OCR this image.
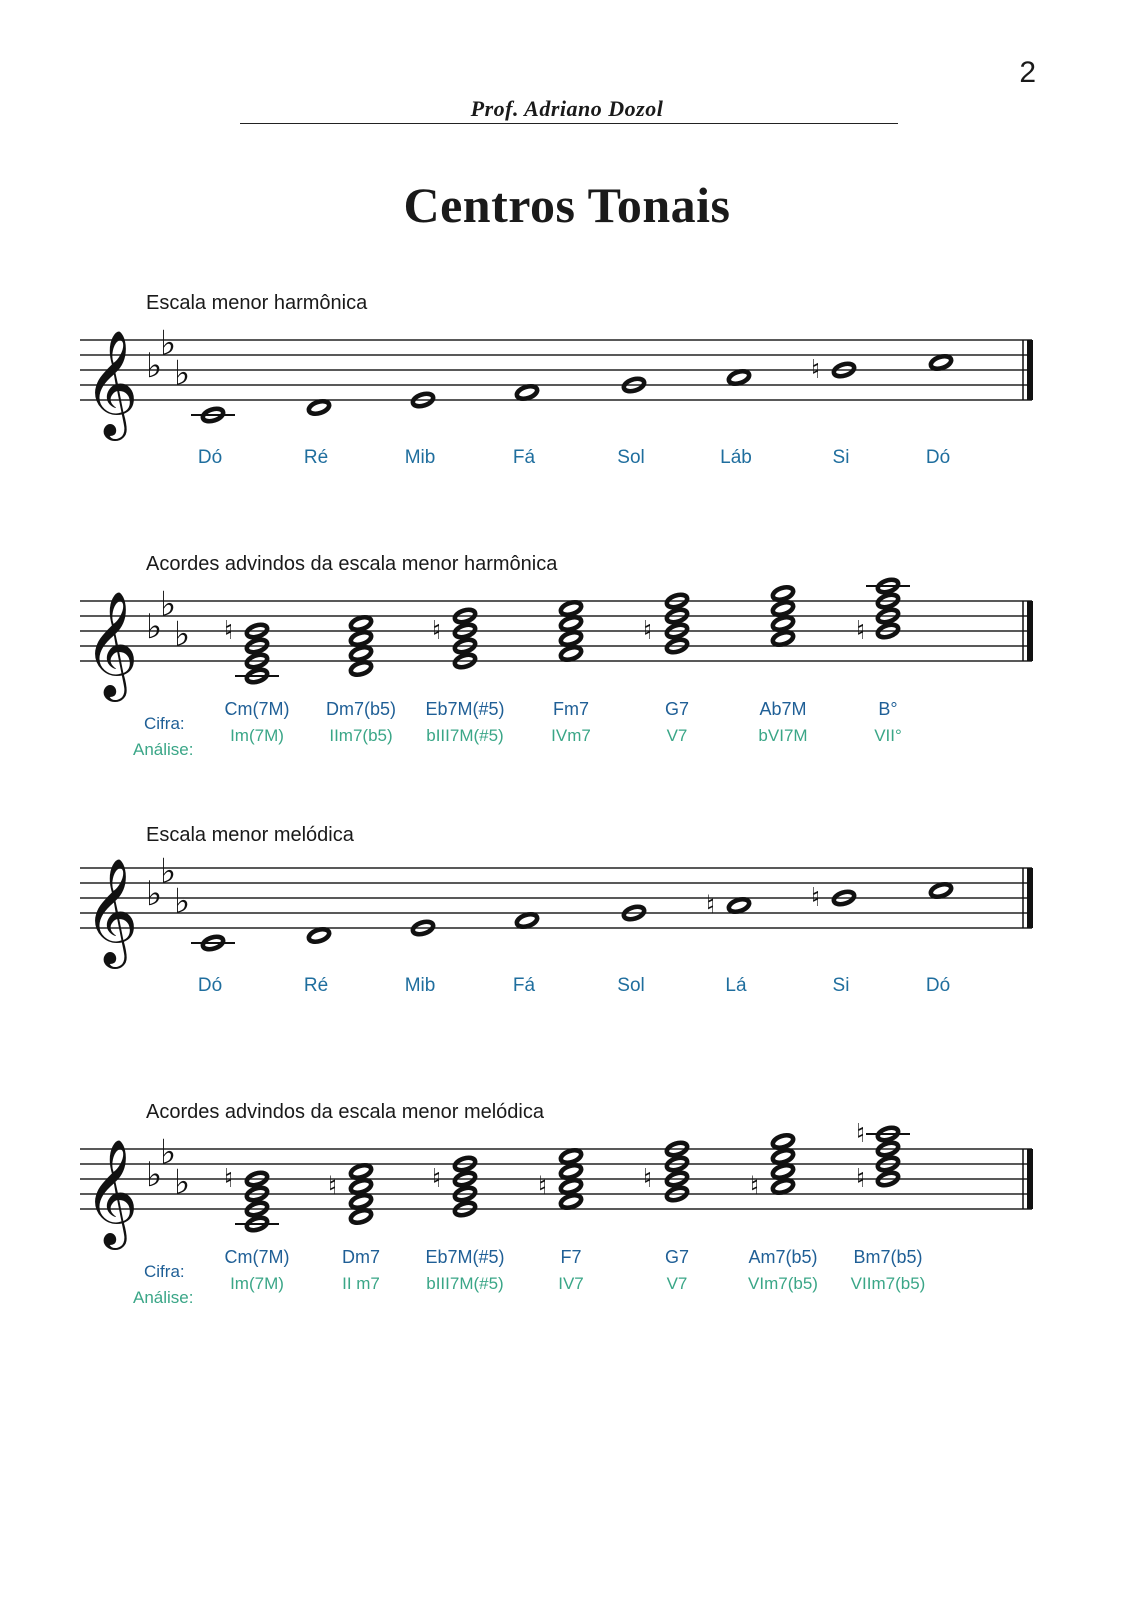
2
Prof. Adriano Dozol
Centros Tonais
Escala menor harmônica
𝄞 ♭
♭
♭	♮
Dó	Ré	Mib	Fá	Sol	Láb	Si	Dó
Acordes advindos da escala menor harmônica
𝄞 ♭
♭
♭ ♮	♮	♮	♮
Cifra:
Análise:
Cm(7M)	Dm7(b5)	Eb7M(#5)	Fm7	G7	Ab7M	B°
Im(7M)	IIm7(b5)	bIII7M(#5)	IVm7	V7	bVI7M	VII°
Escala menor melódica
𝄞 ♭
♭
♭	♮	♮
Dó	Ré	Mib	Fá	Sol	Lá	Si	Dó
Acordes advindos da escala menor melódica
𝄞 ♭
♭
♭ ♮	♮	♮	♮	♮	♮	♮
♮
Cifra:
Análise:
Cm(7M)	Dm7	Eb7M(#5)	F7	G7	Am7(b5)	Bm7(b5)
Im(7M)	II m7	bIII7M(#5)	IV7	V7	VIm7(b5)	VIIm7(b5)
